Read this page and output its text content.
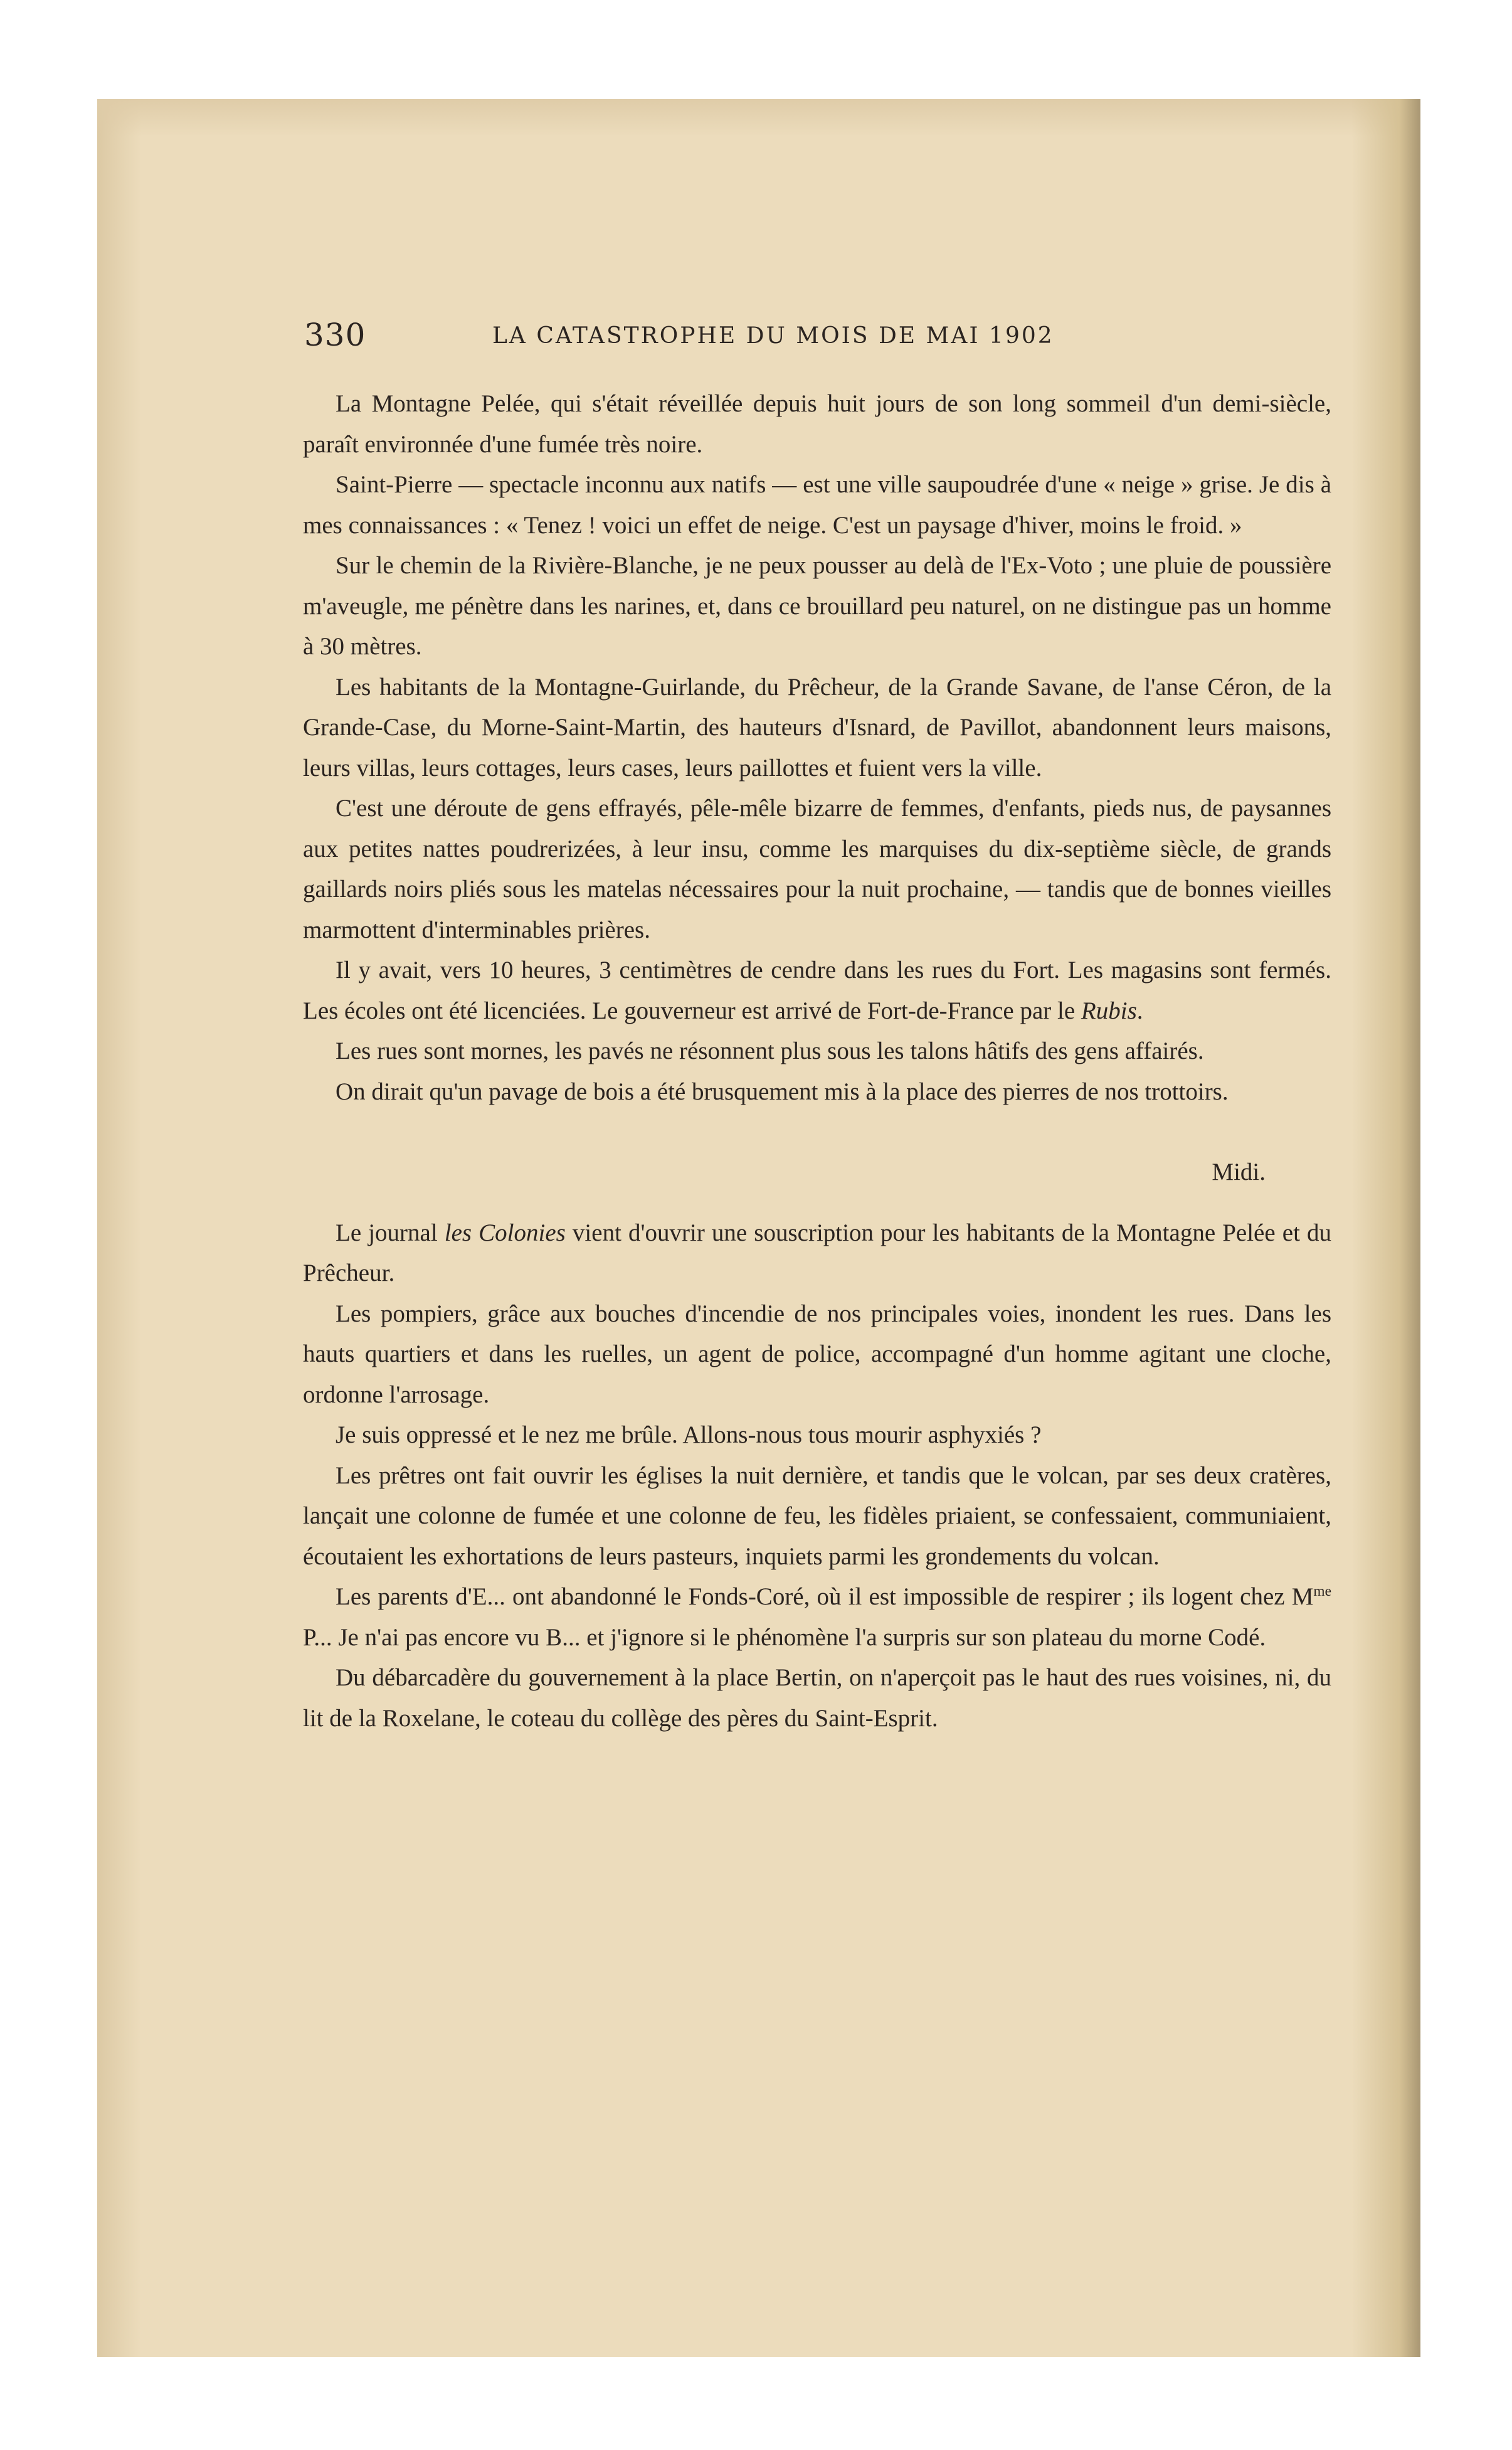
330	LA CATASTROPHE DU MOIS DE MAI 1902

La Montagne Pelée, qui s'était réveillée depuis huit jours de son long sommeil d'un demi-siècle, paraît environnée d'une fumée très noire.

Saint-Pierre — spectacle inconnu aux natifs — est une ville saupoudrée d'une « neige » grise. Je dis à mes connaissances : « Tenez ! voici un effet de neige. C'est un paysage d'hiver, moins le froid. »

Sur le chemin de la Rivière-Blanche, je ne peux pousser au delà de l'Ex-Voto ; une pluie de poussière m'aveugle, me pénètre dans les narines, et, dans ce brouillard peu naturel, on ne distingue pas un homme à 30 mètres.

Les habitants de la Montagne-Guirlande, du Prêcheur, de la Grande Savane, de l'anse Céron, de la Grande-Case, du Morne-Saint-Martin, des hauteurs d'Isnard, de Pavillot, abandonnent leurs maisons, leurs villas, leurs cottages, leurs cases, leurs paillottes et fuient vers la ville.

C'est une déroute de gens effrayés, pêle-mêle bizarre de femmes, d'enfants, pieds nus, de paysannes aux petites nattes poudrerizées, à leur insu, comme les marquises du dix-septième siècle, de grands gaillards noirs pliés sous les matelas nécessaires pour la nuit prochaine, — tandis que de bonnes vieilles marmottent d'interminables prières.

Il y avait, vers 10 heures, 3 centimètres de cendre dans les rues du Fort. Les magasins sont fermés. Les écoles ont été licenciées. Le gouverneur est arrivé de Fort-de-France par le Rubis.

Les rues sont mornes, les pavés ne résonnent plus sous les talons hâtifs des gens affairés.

On dirait qu'un pavage de bois a été brusquement mis à la place des pierres de nos trottoirs.

Midi.

Le journal les Colonies vient d'ouvrir une souscription pour les habitants de la Montagne Pelée et du Prêcheur.

Les pompiers, grâce aux bouches d'incendie de nos principales voies, inondent les rues. Dans les hauts quartiers et dans les ruelles, un agent de police, accompagné d'un homme agitant une cloche, ordonne l'arrosage.

Je suis oppressé et le nez me brûle. Allons-nous tous mourir asphyxiés ?

Les prêtres ont fait ouvrir les églises la nuit dernière, et tandis que le volcan, par ses deux cratères, lançait une colonne de fumée et une colonne de feu, les fidèles priaient, se confessaient, communiaient, écoutaient les exhortations de leurs pasteurs, inquiets parmi les grondements du volcan.

Les parents d'E... ont abandonné le Fonds-Coré, où il est impossible de respirer ; ils logent chez $M^{me}$ P... Je n'ai pas encore vu B... et j'ignore si le phénomène l'a surpris sur son plateau du morne Codé.

Du débarcadère du gouvernement à la place Bertin, on n'aperçoit pas le haut des rues voisines, ni, du lit de la Roxelane, le coteau du collège des pères du Saint-Esprit.
